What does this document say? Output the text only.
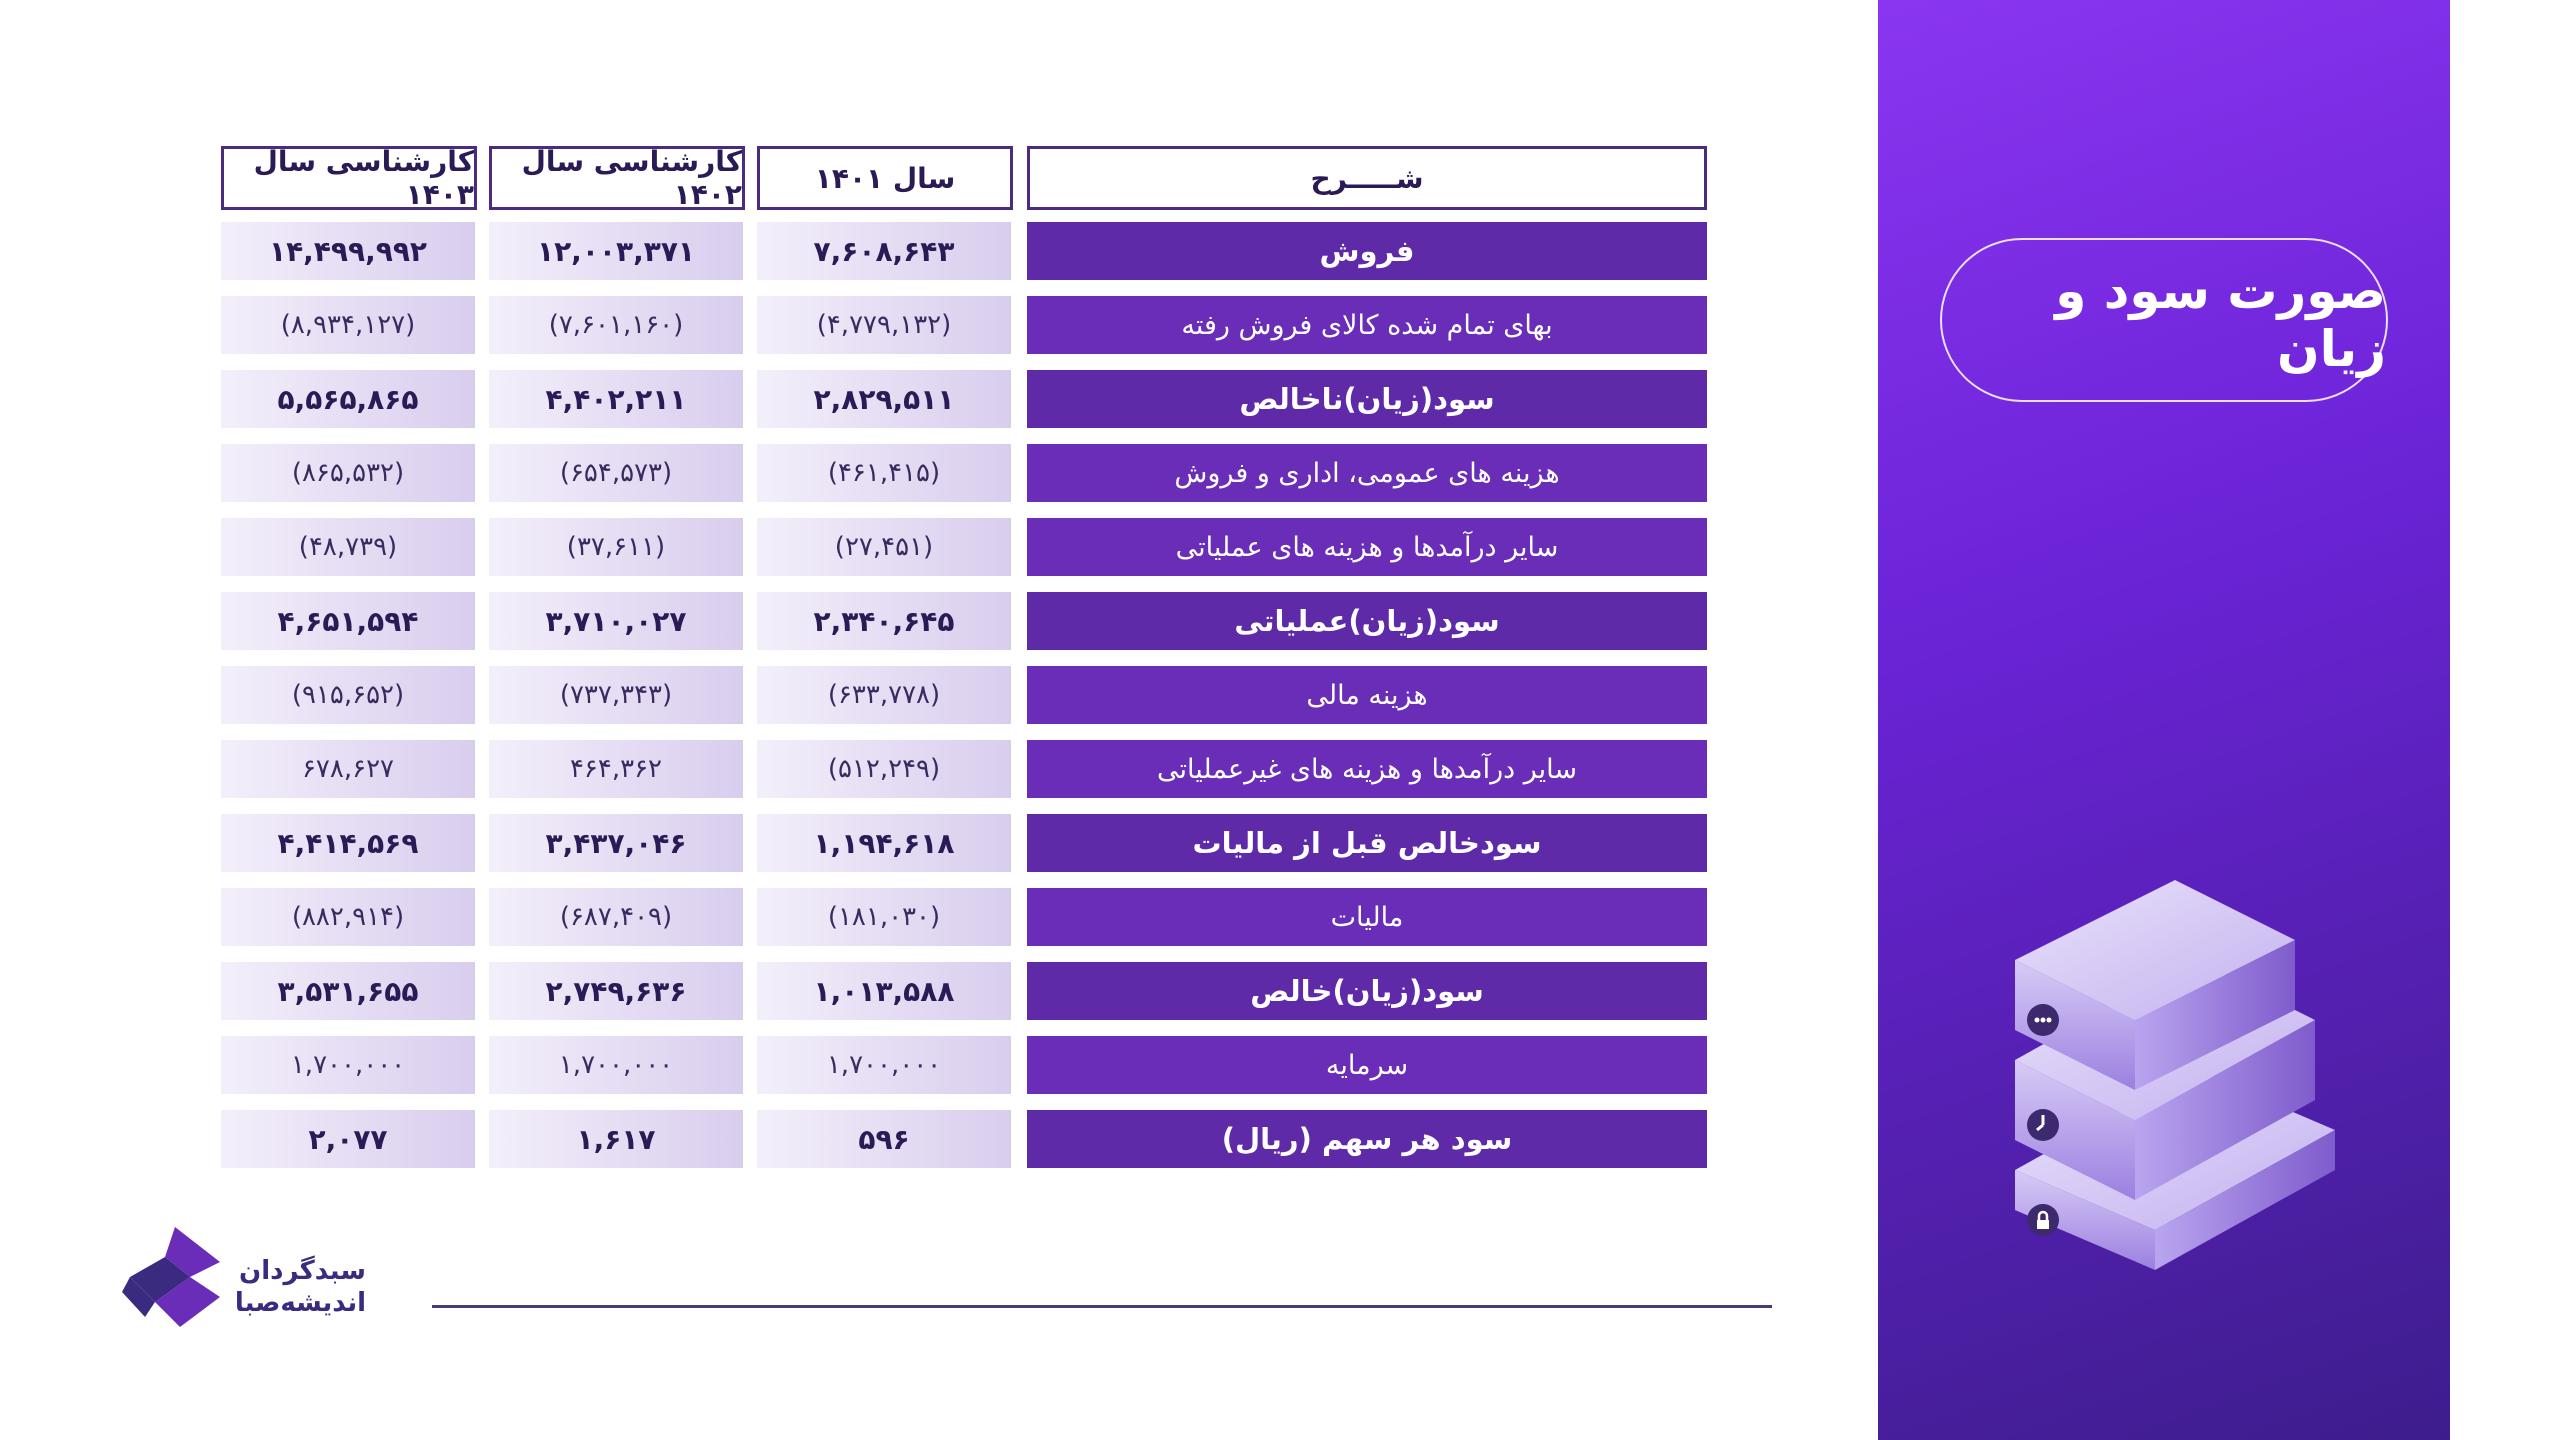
صورت سود و زیان
شـــــرح
سال ۱۴۰۱
کارشناسی سال ۱۴۰۲
کارشناسی سال ۱۴۰۳
فروش
۷,۶۰۸,۶۴۳
۱۲,۰۰۳,۳۷۱
۱۴,۴۹۹,۹۹۲
بهای تمام شده کالای فروش رفته
(۴,۷۷۹,۱۳۲)
(۷,۶۰۱,۱۶۰)
(۸,۹۳۴,۱۲۷)
سود(زیان)ناخالص
۲,۸۲۹,۵۱۱
۴,۴۰۲,۲۱۱
۵,۵۶۵,۸۶۵
هزینه های عمومی، اداری و فروش
(۴۶۱,۴۱۵)
(۶۵۴,۵۷۳)
(۸۶۵,۵۳۲)
سایر درآمدها و هزینه های عملیاتی
(۲۷,۴۵۱)
(۳۷,۶۱۱)
(۴۸,۷۳۹)
سود(زیان)عملیاتی
۲,۳۴۰,۶۴۵
۳,۷۱۰,۰۲۷
۴,۶۵۱,۵۹۴
هزینه مالی
(۶۳۳,۷۷۸)
(۷۳۷,۳۴۳)
(۹۱۵,۶۵۲)
سایر درآمدها و هزینه های غیرعملیاتی
(۵۱۲,۲۴۹)
۴۶۴,۳۶۲
۶۷۸,۶۲۷
سودخالص قبل از مالیات
۱,۱۹۴,۶۱۸
۳,۴۳۷,۰۴۶
۴,۴۱۴,۵۶۹
مالیات
(۱۸۱,۰۳۰)
(۶۸۷,۴۰۹)
(۸۸۲,۹۱۴)
سود(زیان)خالص
۱,۰۱۳,۵۸۸
۲,۷۴۹,۶۳۶
۳,۵۳۱,۶۵۵
سرمایه
۱,۷۰۰,۰۰۰
۱,۷۰۰,۰۰۰
۱,۷۰۰,۰۰۰
سود هر سهم (ریال)
۵۹۶
۱,۶۱۷
۲,۰۷۷
سبدگردان
اندیشه‌صبا
